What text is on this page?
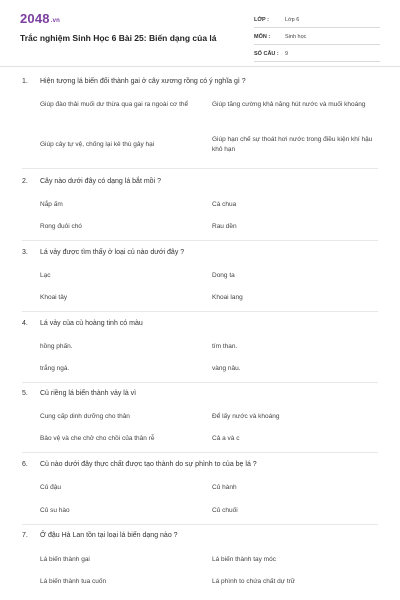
2048.vn
Trắc nghiệm Sinh Học 6 Bài 25: Biến dạng của lá
LỚP :	Lớp 6
MÔN :	Sinh học
SỐ CÂU :	9
1. Hiện tượng lá biến đổi thành gai ở cây xương rồng có ý nghĩa gì ?
Giúp đào thải muối dư thừa qua gai ra ngoài cơ thể	Giúp tăng cường khả năng hút nước và muối khoáng
Giúp cây tự vệ, chống lại kẻ thù gây hại
Giúp hạn chế sự thoát hơi nước trong điều kiện khí hậu khô hạn
2. Cây nào dưới đây có dạng lá bắt mồi ?
Nắp ấm	Cà chua
Rong đuôi chó	Rau dền
3. Lá vảy được tìm thấy ở loại củ nào dưới đây ?
Lạc	Dong ta
Khoai tây	Khoai lang
4. Lá vảy của củ hoàng tinh có màu
hồng phấn.	tím than.
trắng ngà.	vàng nâu.
5. Củ riềng lá biến thành vảy là vì
Cung cấp dinh dưỡng cho thân	Để lấy nước và khoáng
Bảo vệ và che chở cho chồi của thân rễ	Cả a và c
6. Củ nào dưới đây thực chất được tạo thành do sự phình to của bẹ lá ?
Củ đậu	Củ hành
Củ su hào	Củ chuối
7. Ở đậu Hà Lan tồn tại loại lá biến dạng nào ?
Lá biến thành gai	Lá biến thành tay móc
Lá biến thành tua cuốn	Lá phình to chứa chất dự trữ
